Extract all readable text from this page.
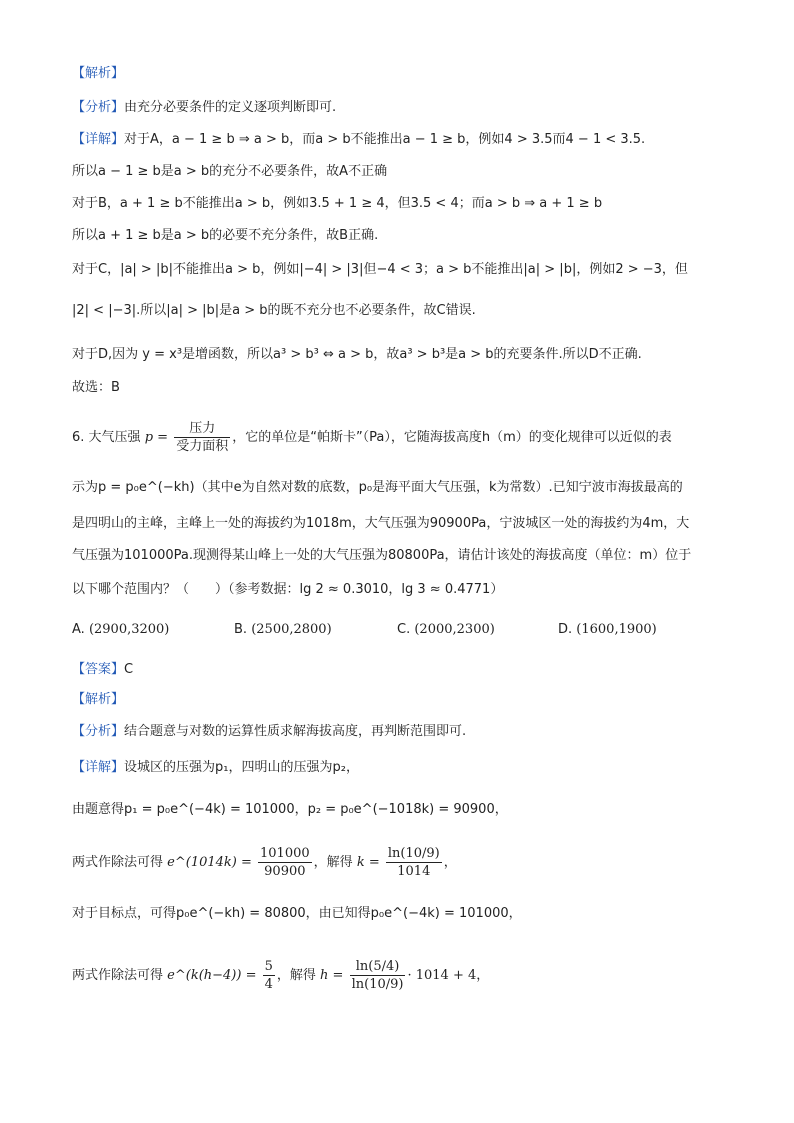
【解析】
【分析】由充分必要条件的定义逐项判断即可.
【详解】对于A，a − 1 ≥ b ⇒ a > b，而a > b不能推出a − 1 ≥ b，例如4 > 3.5而4 − 1 < 3.5.
所以a − 1 ≥ b是a > b的充分不必要条件，故A不正确
对于B，a + 1 ≥ b不能推出a > b，例如3.5 + 1 ≥ 4，但3.5 < 4；而a > b ⇒ a + 1 ≥ b
所以a + 1 ≥ b是a > b的必要不充分条件，故B正确.
对于C，|a| > |b|不能推出a > b，例如|−4| > |3|但−4 < 3；a > b不能推出|a| > |b|，例如2 > −3，但
|2| < |−3|.所以|a| > |b|是a > b的既不充分也不必要条件，故C错误.
对于D,因为 y = x³是增函数，所以a³ > b³ ⇔ a > b，故a³ > b³是a > b的充要条件.所以D不正确.
故选：B
6. 大气压强 $p = \frac{\text{压力}}{\text{受力面积}}$ ，它的单位是“帕斯卡”（Pa），它随海拔高度h（m）的变化规律可以近似的表
示为p = p₀e^(−kh)（其中e为自然对数的底数，p₀是海平面大气压强，k为常数）.已知宁波市海拔最高的
是四明山的主峰，主峰上一处的海拔约为1018m，大气压强为90900Pa，宁波城区一处的海拔约为4m，大
气压强为101000Pa.现测得某山峰上一处的大气压强为80800Pa，请估计该处的海拔高度（单位：m）位于
以下哪个范围内？（　　）（参考数据：lg 2 ≈ 0.3010，lg 3 ≈ 0.4771）
A. (2900,3200)	B. (2500,2800)	C. (2000,2300)	D. (1600,1900)
【答案】C
【解析】
【分析】结合题意与对数的运算性质求解海拔高度，再判断范围即可.
【详解】设城区的压强为p₁，四明山的压强为p₂，
由题意得p₁ = p₀e^(−4k) = 101000，p₂ = p₀e^(−1018k) = 90900，
两式作除法可得 e^(1014k) = $\frac{101000}{90900}$ ，解得 $k = \frac{\ln(10/9)}{1014}$ ，
对于目标点，可得p₀e^(−kh) = 80800，由已知得p₀e^(−4k) = 101000，
两式作除法可得 e^(k(h−4)) = $\frac{5}{4}$ ，解得 $h = \frac{\ln(5/4)}{\ln(10/9)} \cdot 1014 + 4$，
